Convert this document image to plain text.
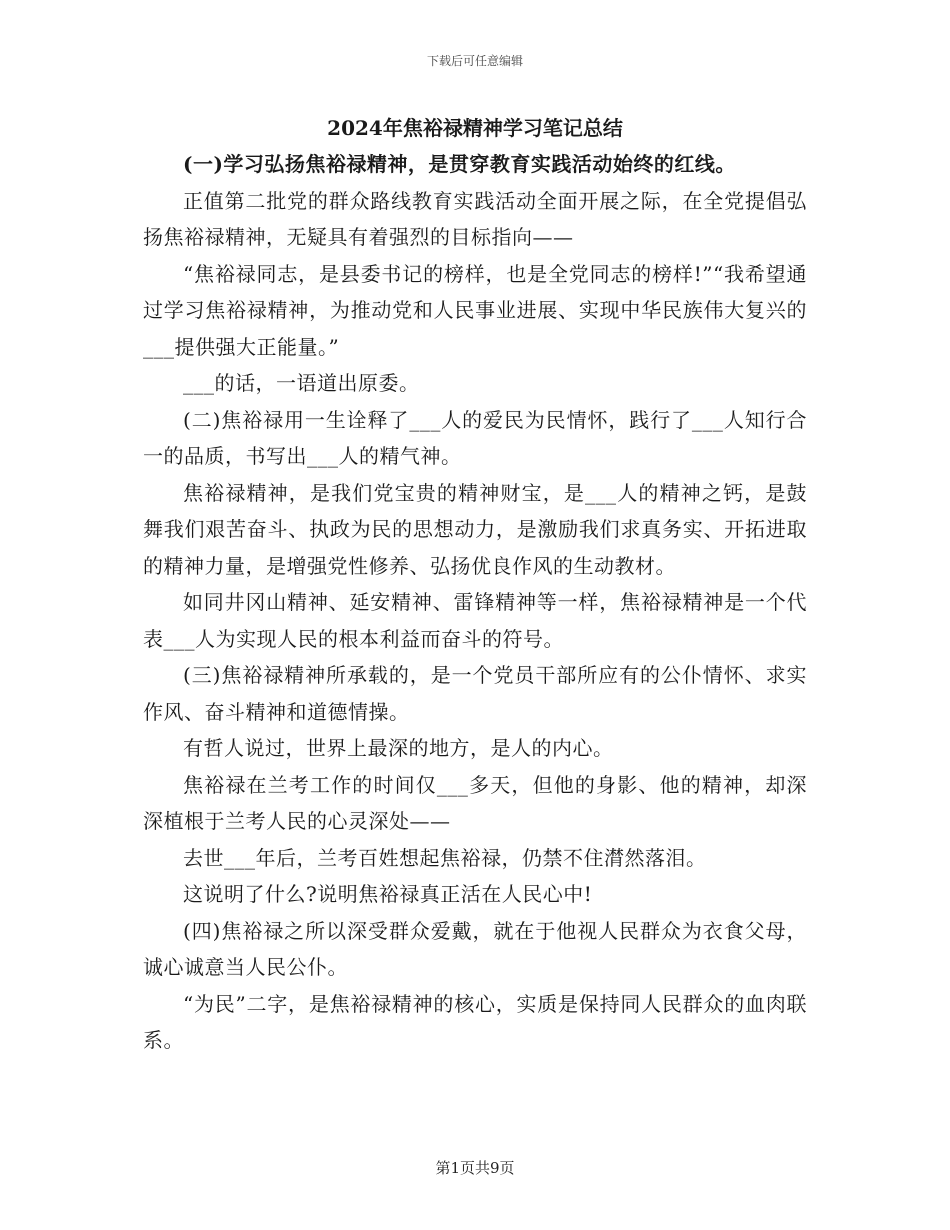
下载后可任意编辑
2024年焦裕禄精神学习笔记总结

(一)学习弘扬焦裕禄精神，是贯穿教育实践活动始终的红线。

正值第二批党的群众路线教育实践活动全面开展之际，在全党提倡弘扬焦裕禄精神，无疑具有着强烈的目标指向——

“焦裕禄同志，是县委书记的榜样，也是全党同志的榜样!”“我希望通过学习焦裕禄精神，为推动党和人民事业进展、实现中华民族伟大复兴的___提供强大正能量。”

___的话，一语道出原委。

(二)焦裕禄用一生诠释了___人的爱民为民情怀，践行了___人知行合一的品质，书写出___人的精气神。

焦裕禄精神，是我们党宝贵的精神财宝，是___人的精神之钙，是鼓舞我们艰苦奋斗、执政为民的思想动力，是激励我们求真务实、开拓进取的精神力量，是增强党性修养、弘扬优良作风的生动教材。

如同井冈山精神、延安精神、雷锋精神等一样，焦裕禄精神是一个代表___人为实现人民的根本利益而奋斗的符号。

(三)焦裕禄精神所承载的，是一个党员干部所应有的公仆情怀、求实作风、奋斗精神和道德情操。

有哲人说过，世界上最深的地方，是人的内心。

焦裕禄在兰考工作的时间仅___多天，但他的身影、他的精神，却深深植根于兰考人民的心灵深处——

去世___年后，兰考百姓想起焦裕禄，仍禁不住潸然落泪。

这说明了什么?说明焦裕禄真正活在人民心中!

(四)焦裕禄之所以深受群众爱戴，就在于他视人民群众为衣食父母，诚心诚意当人民公仆。

“为民”二字，是焦裕禄精神的核心，实质是保持同人民群众的血肉联系。

第1页共9页
